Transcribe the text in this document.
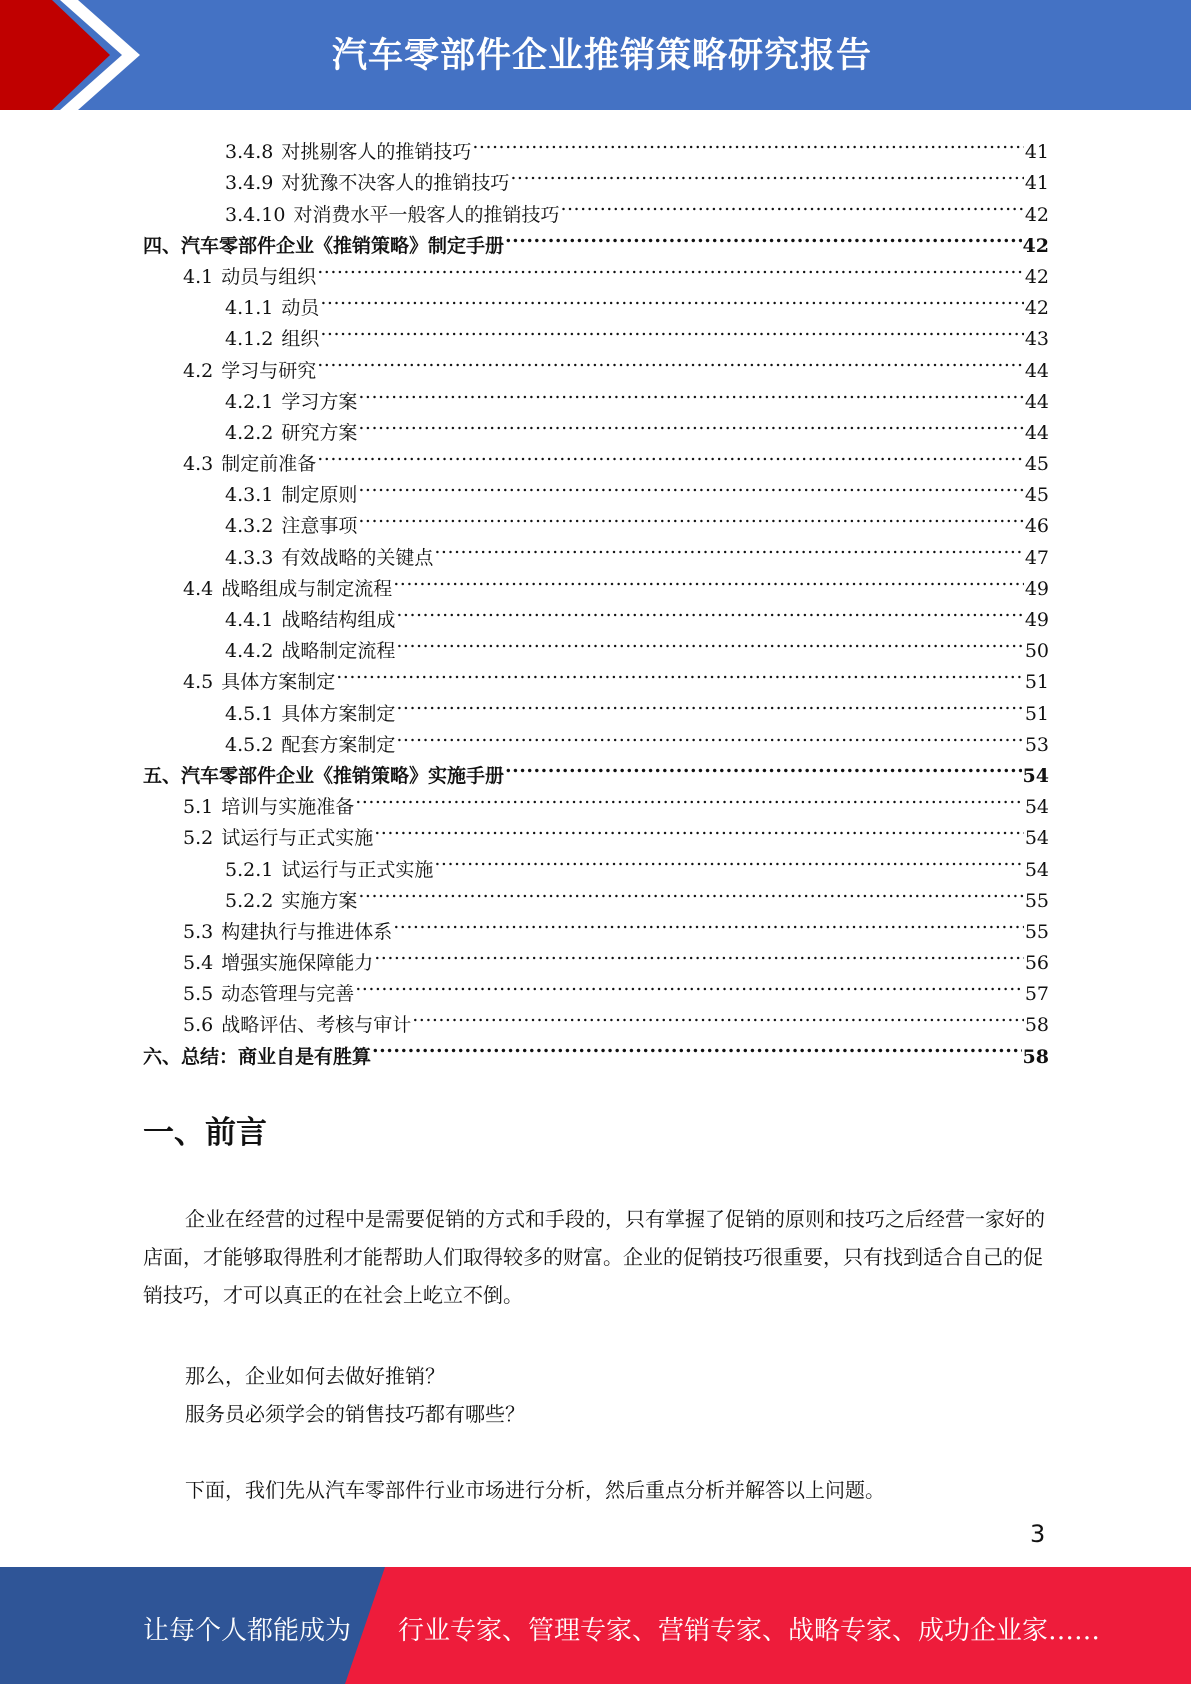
汽车零部件企业推销策略研究报告
3.4.8 对挑剔客人的推销技巧 .....	41
3.4.9 对犹豫不决客人的推销技巧 .....	41
3.4.10 对消费水平一般客人的推销技巧 .....	42
四、汽车零部件企业《推销策略》制定手册 .....	42
4.1 动员与组织 .....	42
4.1.1 动员 .....	42
4.1.2 组织 .....	43
4.2 学习与研究 .....	44
4.2.1 学习方案 .....	44
4.2.2 研究方案 .....	44
4.3 制定前准备 .....	45
4.3.1 制定原则 .....	45
4.3.2 注意事项 .....	46
4.3.3 有效战略的关键点 .....	47
4.4 战略组成与制定流程 .....	49
4.4.1 战略结构组成 .....	49
4.4.2 战略制定流程 .....	50
4.5 具体方案制定 .....	51
4.5.1 具体方案制定 .....	51
4.5.2 配套方案制定 .....	53
五、汽车零部件企业《推销策略》实施手册 .....	54
5.1 培训与实施准备 .....	54
5.2 试运行与正式实施 .....	54
5.2.1 试运行与正式实施 .....	54
5.2.2 实施方案 .....	55
5.3 构建执行与推进体系 .....	55
5.4 增强实施保障能力 .....	56
5.5 动态管理与完善 .....	57
5.6 战略评估、考核与审计 .....	58
六、总结：商业自是有胜算 .....	58
一、前言
企业在经营的过程中是需要促销的方式和手段的，只有掌握了促销的原则和技巧之后经营一家好的店面，才能够取得胜利才能帮助人们取得较多的财富。企业的促销技巧很重要，只有找到适合自己的促销技巧，才可以真正的在社会上屹立不倒。
那么，企业如何去做好推销？
服务员必须学会的销售技巧都有哪些？
下面，我们先从汽车零部件行业市场进行分析，然后重点分析并解答以上问题。
3
让每个人都能成为 行业专家、管理专家、营销专家、战略专家、成功企业家……
